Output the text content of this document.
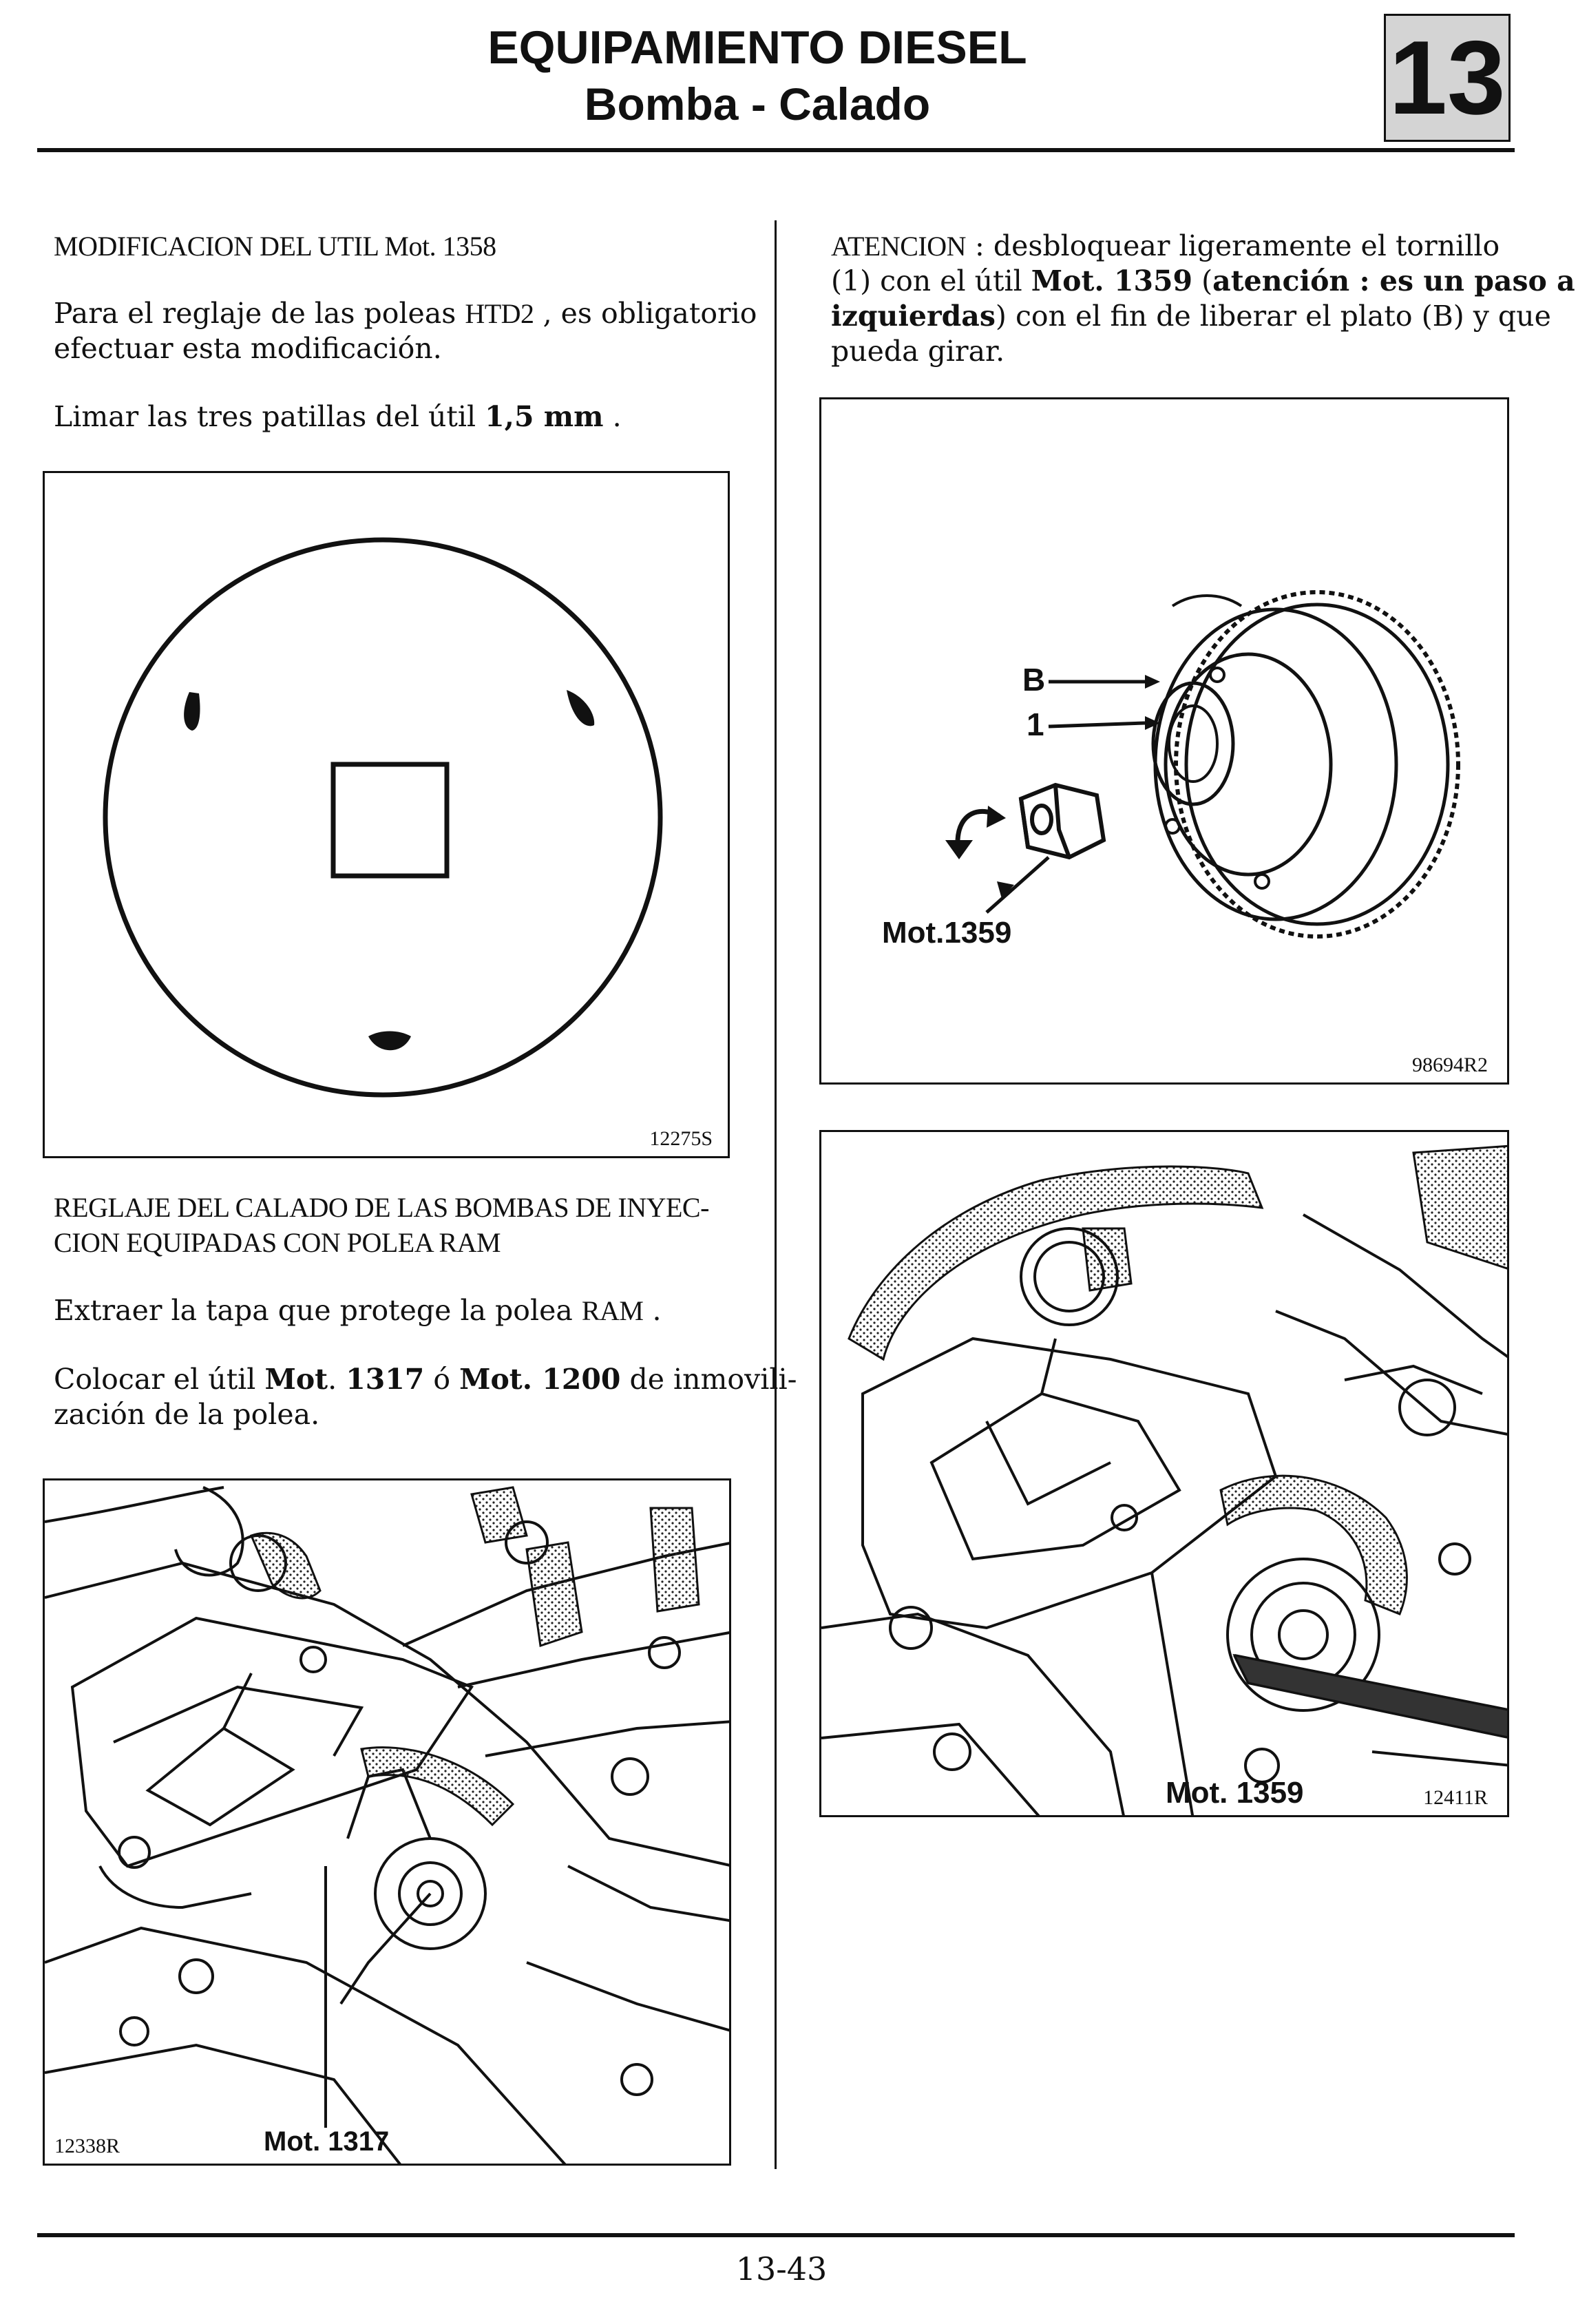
EQUIPAMIENTO DIESEL
Bomba - Calado	13
MODIFICACION DEL UTIL Mot. 1358
Para el reglaje de las poleas HTD2 , es obligatorio
efectuar esta modificación.
Limar las tres patillas del útil 1,5 mm .
12275S
REGLAJE DEL CALADO DE LAS BOMBAS DE INYEC-
CION EQUIPADAS CON POLEA RAM
Extraer la tapa que protege la polea RAM .
Colocar el útil Mot. 1317 ó Mot. 1200 de inmovili-
zación de la polea.
Mot. 1317
12338R
ATENCION : desbloquear ligeramente el tornillo
(1) con el útil Mot. 1359 (atención : es un paso a
izquierdas) con el fin de liberar el plato (B) y que
pueda girar.
B
1
Mot.1359
98694R2
Mot. 1359	12411R
13-43
